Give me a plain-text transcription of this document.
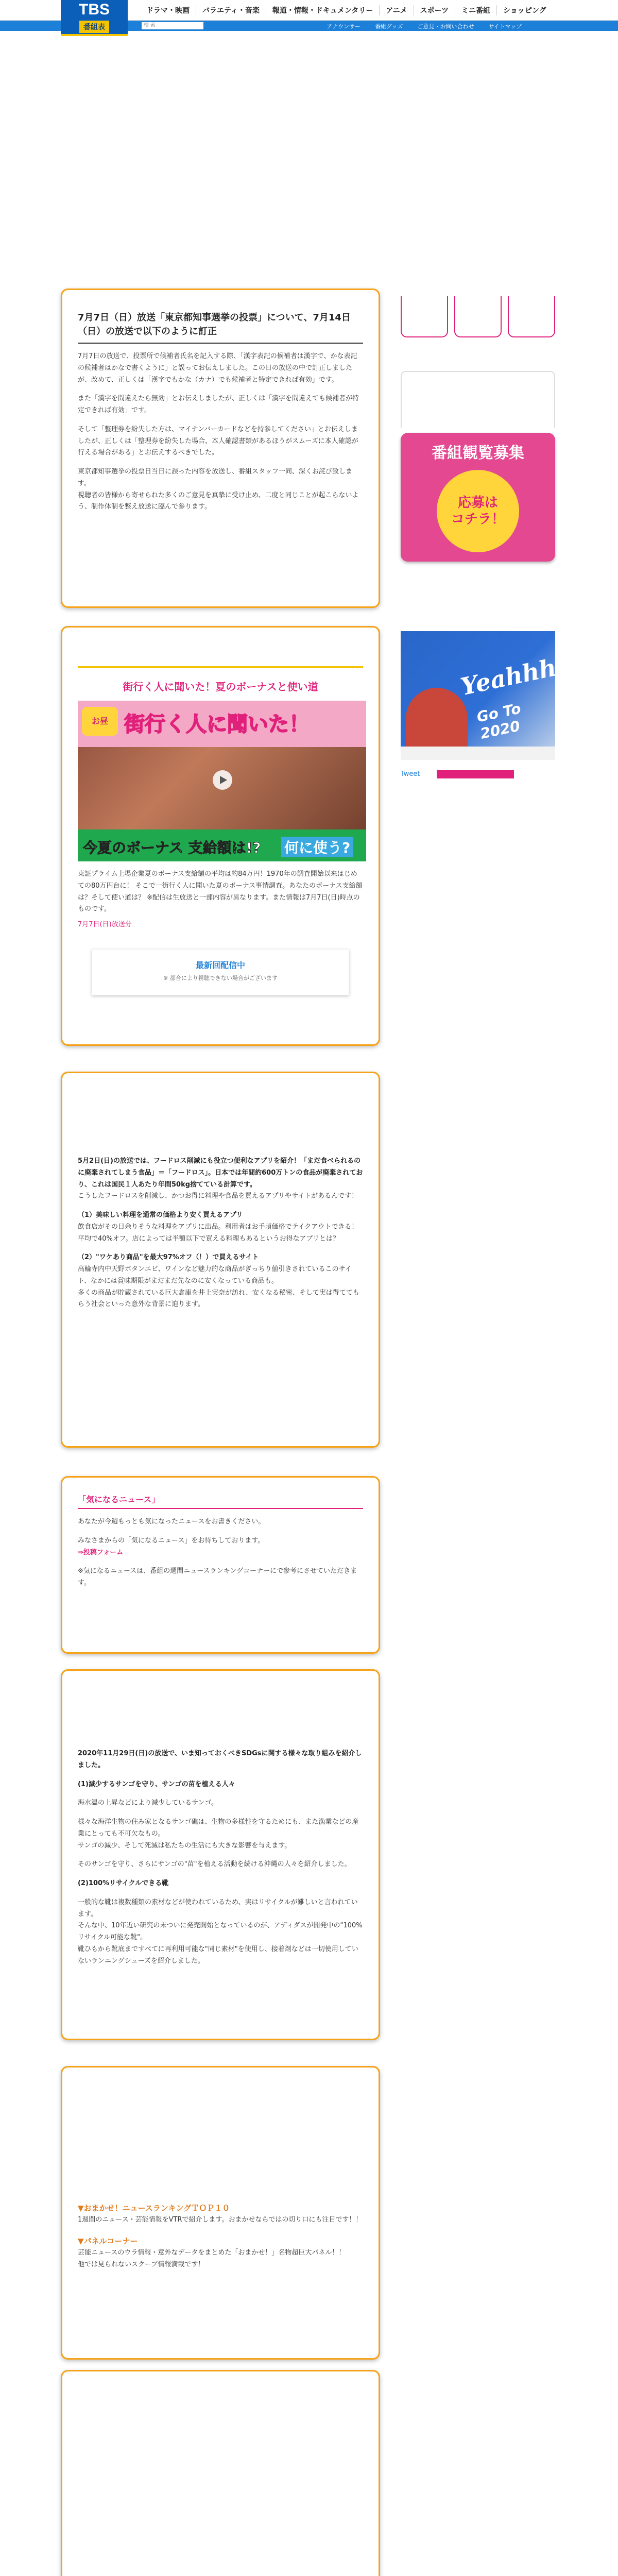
ドラマ・映画 バラエティ・音楽 報道・情報・ドキュメンタリー アニメ スポーツ ミニ番組 ショッピング
検 索	アナウンサー	番組グッズ	ご意見・お問い合わせ	サイトマップ
TBS
番組表
7月7日（日）放送「東京都知事選挙の投票」について、7月14日（日）の放送で以下のように訂正

7月7日の放送で、投票所で候補者氏名を記入する際、「漢字表記の候補者は漢字で、かな表記の候補者はかなで書くように」と誤ってお伝えしました。この日の放送の中で訂正しましたが、改めて、正しくは「漢字でもかな（カナ）でも候補者と特定できれば有効」です。

また「漢字を間違えたら無効」とお伝えしましたが、正しくは「漢字を間違えても候補者が特定できれば有効」です。

そして「整理券を紛失した方は、マイナンバーカードなどを持参してください」とお伝えしましたが、正しくは「整理券を紛失した場合、本人確認書類があるほうがスムーズに本人確認が行える場合がある」とお伝えするべきでした。

東京都知事選挙の投票日当日に誤った内容を放送し、番組スタッフ一同、深くお詫び致します。

視聴者の皆様から寄せられた多くのご意見を真摯に受け止め、二度と同じことが起こらないよう、制作体制を整え放送に臨んで参ります。

街行く人に聞いた！夏のボーナスと使い道
お昼 街行く人に聞いた！
今夏のボーナス 支給額は!? 何に使う?

東証プライム上場企業夏のボーナス支給額の平均は約84万円！1970年の調査開始以来はじめての80万円台に！ そこで一街行く人に聞いた夏のボーナス事情調査。あなたのボーナス支給額は？そして使い道は？ ※配信は生放送と一部内容が異なります。また情報は7月7日(日)時点のものです。

7月7日(日)放送分

最新回配信中
※ 都合により視聴できない場合がございます

5月2日(日)の放送では、フードロス削減にも役立つ便利なアプリを紹介！「まだ食べられるのに廃棄されてしまう食品」＝「フードロス」。日本では年間約600万トンの食品が廃棄されており、これは国民１人あたり年間50kg捨てている計算です。

こうしたフードロスを削減し、かつお得に料理や食品を買えるアプリやサイトがあるんです！

（1）美味しい料理を通常の価格より安く買えるアプリ

飲食店がその日余りそうな料理をアプリに出品。利用者はお手頃価格でテイクアウトできる！

平均で40%オフ。店によっては半額以下で買える料理もあるというお得なアプリとは？

（2）"ワケあり商品"を最大97%オフ（！）で買えるサイト

高輪寺内中天野ボタンエビ、ワインなど魅力的な商品がぎっちり値引きされているこのサイト、なかには賞味期限がまだまだ先なのに安くなっている商品も。

多くの商品が貯蔵されている巨大倉庫を井上実奈が訪れ、安くなる秘密、そして実は得ててもらう社会といった意外な背景に迫ります。

「気になるニュース」

あなたが今週もっとも気になったニュースをお書きください。

みなさまからの「気になるニュース」をお待ちしております。

⇒投稿フォーム

※気になるニュースは、番組の週間ニュースランキングコーナーにで参考にさせていただきます。

2020年11月29日(日)の放送で、いま知っておくべきSDGsに関する様々な取り組みを紹介しました。

(1)減少するサンゴを守り、サンゴの苗を植える人々

海水温の上昇などにより減少しているサンゴ。

様々な海洋生物の住み家となるサンゴ礁は、生物の多様性を守るためにも、また漁業などの産業にとっても不可欠なもの。

サンゴの減少、そして死滅は私たちの生活にも大きな影響を与えます。

そのサンゴを守り、さらにサンゴの"苗"を植える活動を続ける沖縄の人々を紹介しました。

(2)100%リサイクルできる靴

一般的な靴は複数種類の素材などが使われているため、実はリサイクルが難しいと言われています。

そんな中、10年近い研究の末ついに発売開始となっているのが、アディダスが開発中の"100%リサイクル可能な靴"。

靴ひもから靴底まですべてに再利用可能な"同じ素材"を使用し、接着剤などは一切使用していないランニングシューズを紹介しました。

▼おまかせ！ニュースランキングＴＯＰ１０

1週間のニュース・芸能情報をVTRで紹介します。おまかせならではの切り口にも注目です！！

▼パネルコーナー

芸能ニュースのウラ情報・意外なデータをまとめた「おまかせ！」名物超巨大パネル！！

他では見られないスクープ情報満載です！

番組観覧募集
応募は
コチラ！
Yeahhh!
Go To 2020
Tweet
